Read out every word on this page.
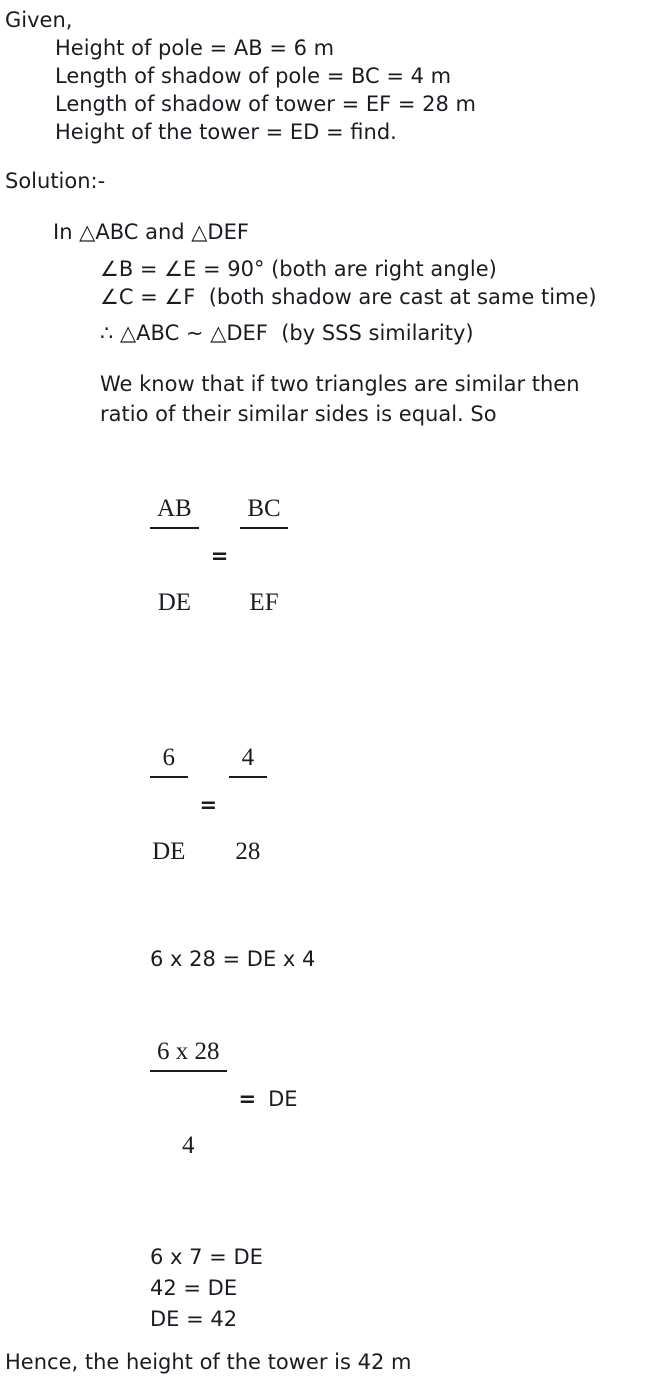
Given,
Height of pole = AB = 6 m
Length of shadow of pole = BC = 4 m
Length of shadow of tower = EF = 28 m
Height of the tower = ED = find.
Solution:-
In △ABC and △DEF
∠B = ∠E = 90° (both are right angle)
∠C = ∠F  (both shadow are cast at same time)
∴ △ABC ∼ △DEF  (by SSS similarity)
We know that if two triangles are similar then
ratio of their similar sides is equal. So

$\frac{AB}{DE}$

=

$\frac{BC}{EF}$

$\frac{6}{DE}$

=

$\frac{4}{28}$

6 x 28 = DE x 4

$\frac{6 x 28}{4}$

= DE
6 x 7 = DE
42 = DE
DE = 42
Hence, the height of the tower is 42 m
